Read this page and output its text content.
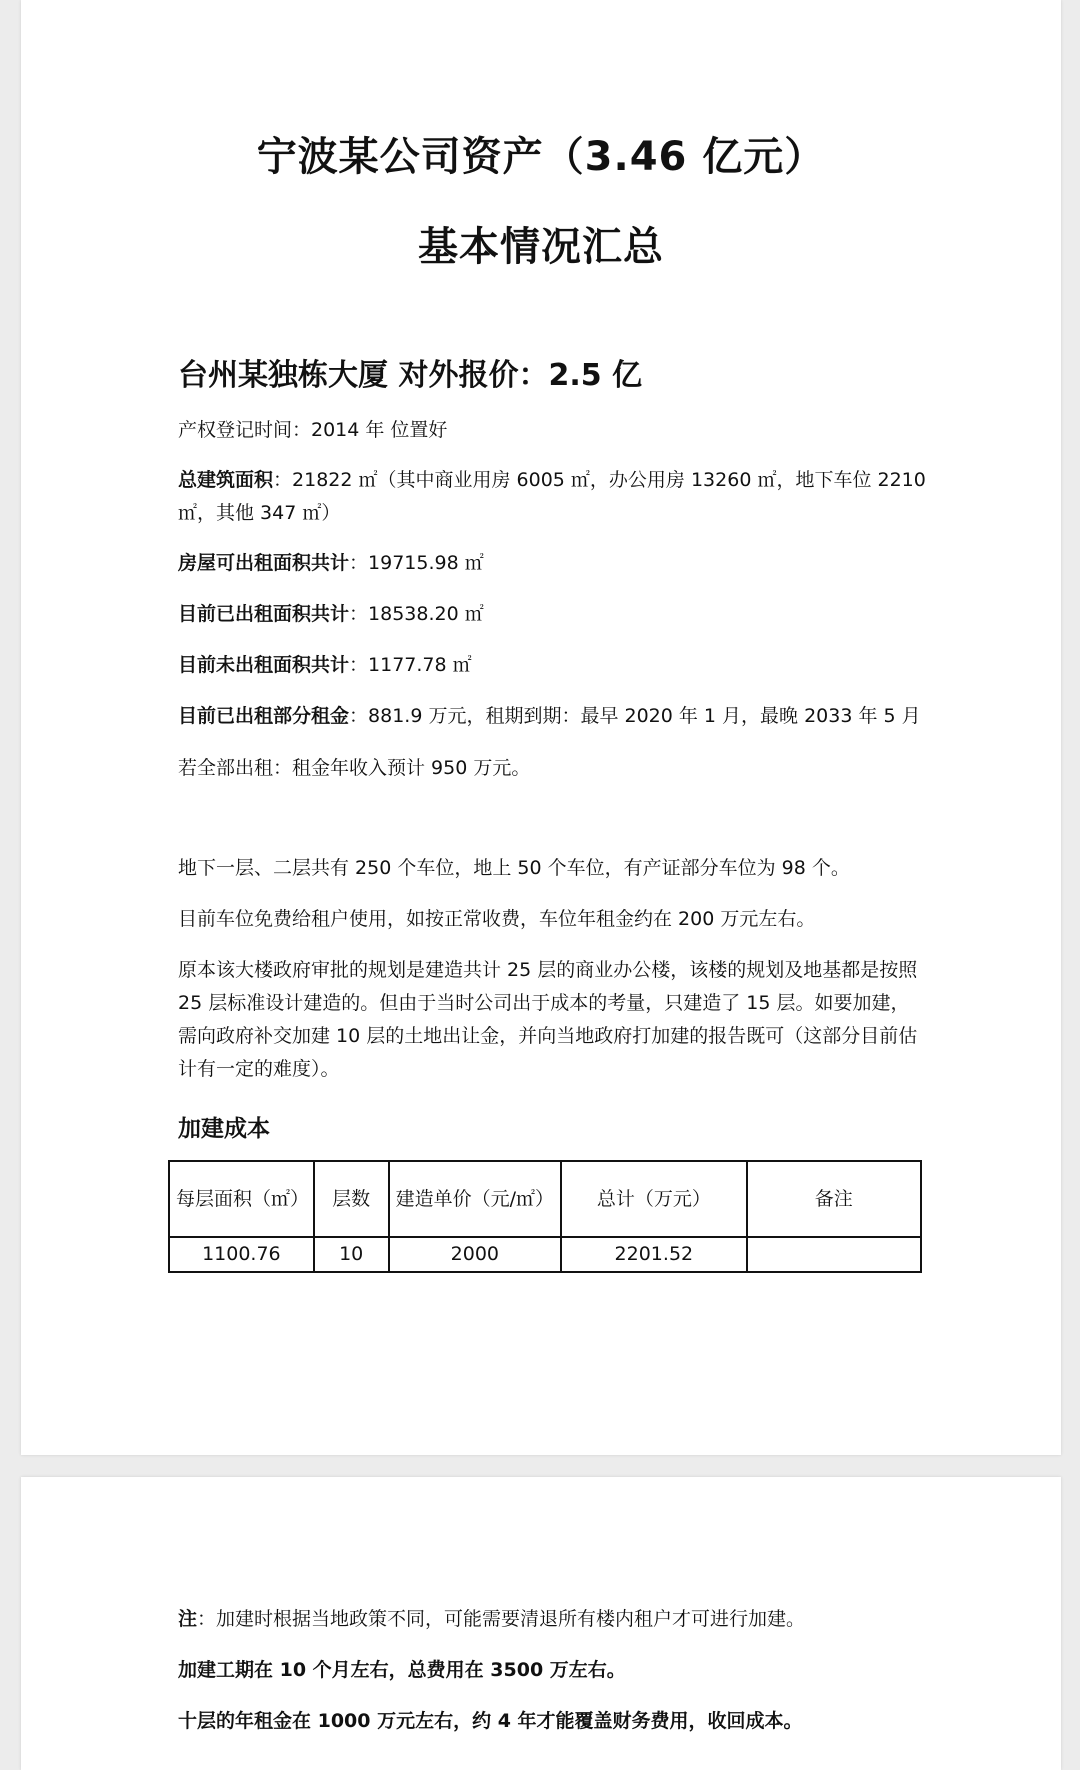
宁波某公司资产（3.46 亿元）
基本情况汇总
台州某独栋大厦 对外报价：2.5 亿
产权登记时间：2014 年 位置好
总建筑面积：21822 ㎡（其中商业用房 6005 ㎡，办公用房 13260 ㎡，地下车位 2210 ㎡，其他 347 ㎡）
房屋可出租面积共计：19715.98 ㎡
目前已出租面积共计：18538.20 ㎡
目前未出租面积共计：1177.78 ㎡
目前已出租部分租金：881.9 万元，租期到期：最早 2020 年 1 月，最晚 2033 年 5 月
若全部出租：租金年收入预计 950 万元。
地下一层、二层共有 250 个车位，地上 50 个车位，有产证部分车位为 98 个。
目前车位免费给租户使用，如按正常收费，车位年租金约在 200 万元左右。
原本该大楼政府审批的规划是建造共计 25 层的商业办公楼，该楼的规划及地基都是按照 25 层标准设计建造的。但由于当时公司出于成本的考量，只建造了 15 层。如要加建，需向政府补交加建 10 层的土地出让金，并向当地政府打加建的报告既可（这部分目前估计有一定的难度）。
加建成本
每层面积（㎡）	层数	建造单价（元/㎡）	总计（万元）	备注
1100.76	10	2000	2201.52	
注：加建时根据当地政策不同，可能需要清退所有楼内租户才可进行加建。
加建工期在 10 个月左右，总费用在 3500 万左右。
十层的年租金在 1000 万元左右，约 4 年才能覆盖财务费用，收回成本。
